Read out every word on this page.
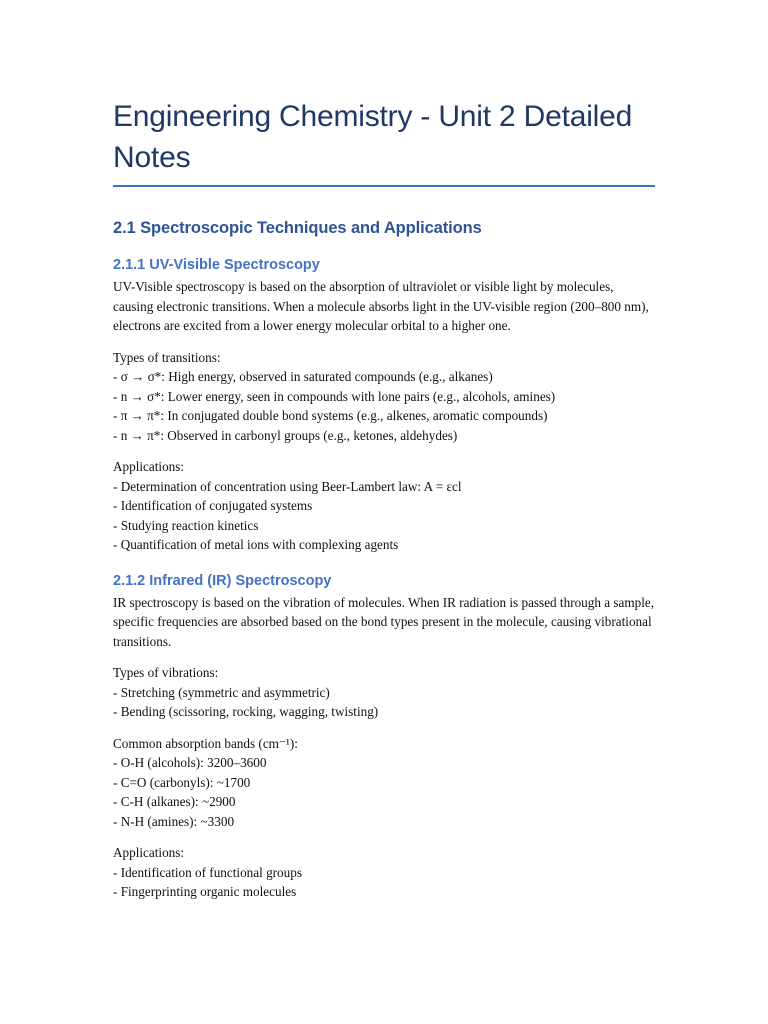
Engineering Chemistry - Unit 2 Detailed Notes
2.1 Spectroscopic Techniques and Applications
2.1.1 UV-Visible Spectroscopy

UV-Visible spectroscopy is based on the absorption of ultraviolet or visible light by molecules, causing electronic transitions. When a molecule absorbs light in the UV-visible region (200–800 nm), electrons are excited from a lower energy molecular orbital to a higher one.

Types of transitions:
- σ → σ*: High energy, observed in saturated compounds (e.g., alkanes)
- n → σ*: Lower energy, seen in compounds with lone pairs (e.g., alcohols, amines)
- π → π*: In conjugated double bond systems (e.g., alkenes, aromatic compounds)
- n → π*: Observed in carbonyl groups (e.g., ketones, aldehydes)
Applications:
- Determination of concentration using Beer-Lambert law: A = εcl
- Identification of conjugated systems
- Studying reaction kinetics
- Quantification of metal ions with complexing agents
2.1.2 Infrared (IR) Spectroscopy

IR spectroscopy is based on the vibration of molecules. When IR radiation is passed through a sample, specific frequencies are absorbed based on the bond types present in the molecule, causing vibrational transitions.

Types of vibrations:
- Stretching (symmetric and asymmetric)
- Bending (scissoring, rocking, wagging, twisting)
Common absorption bands (cm⁻¹):
- O-H (alcohols): 3200–3600
- C=O (carbonyls): ~1700
- C-H (alkanes): ~2900
- N-H (amines): ~3300
Applications:
- Identification of functional groups
- Fingerprinting organic molecules
